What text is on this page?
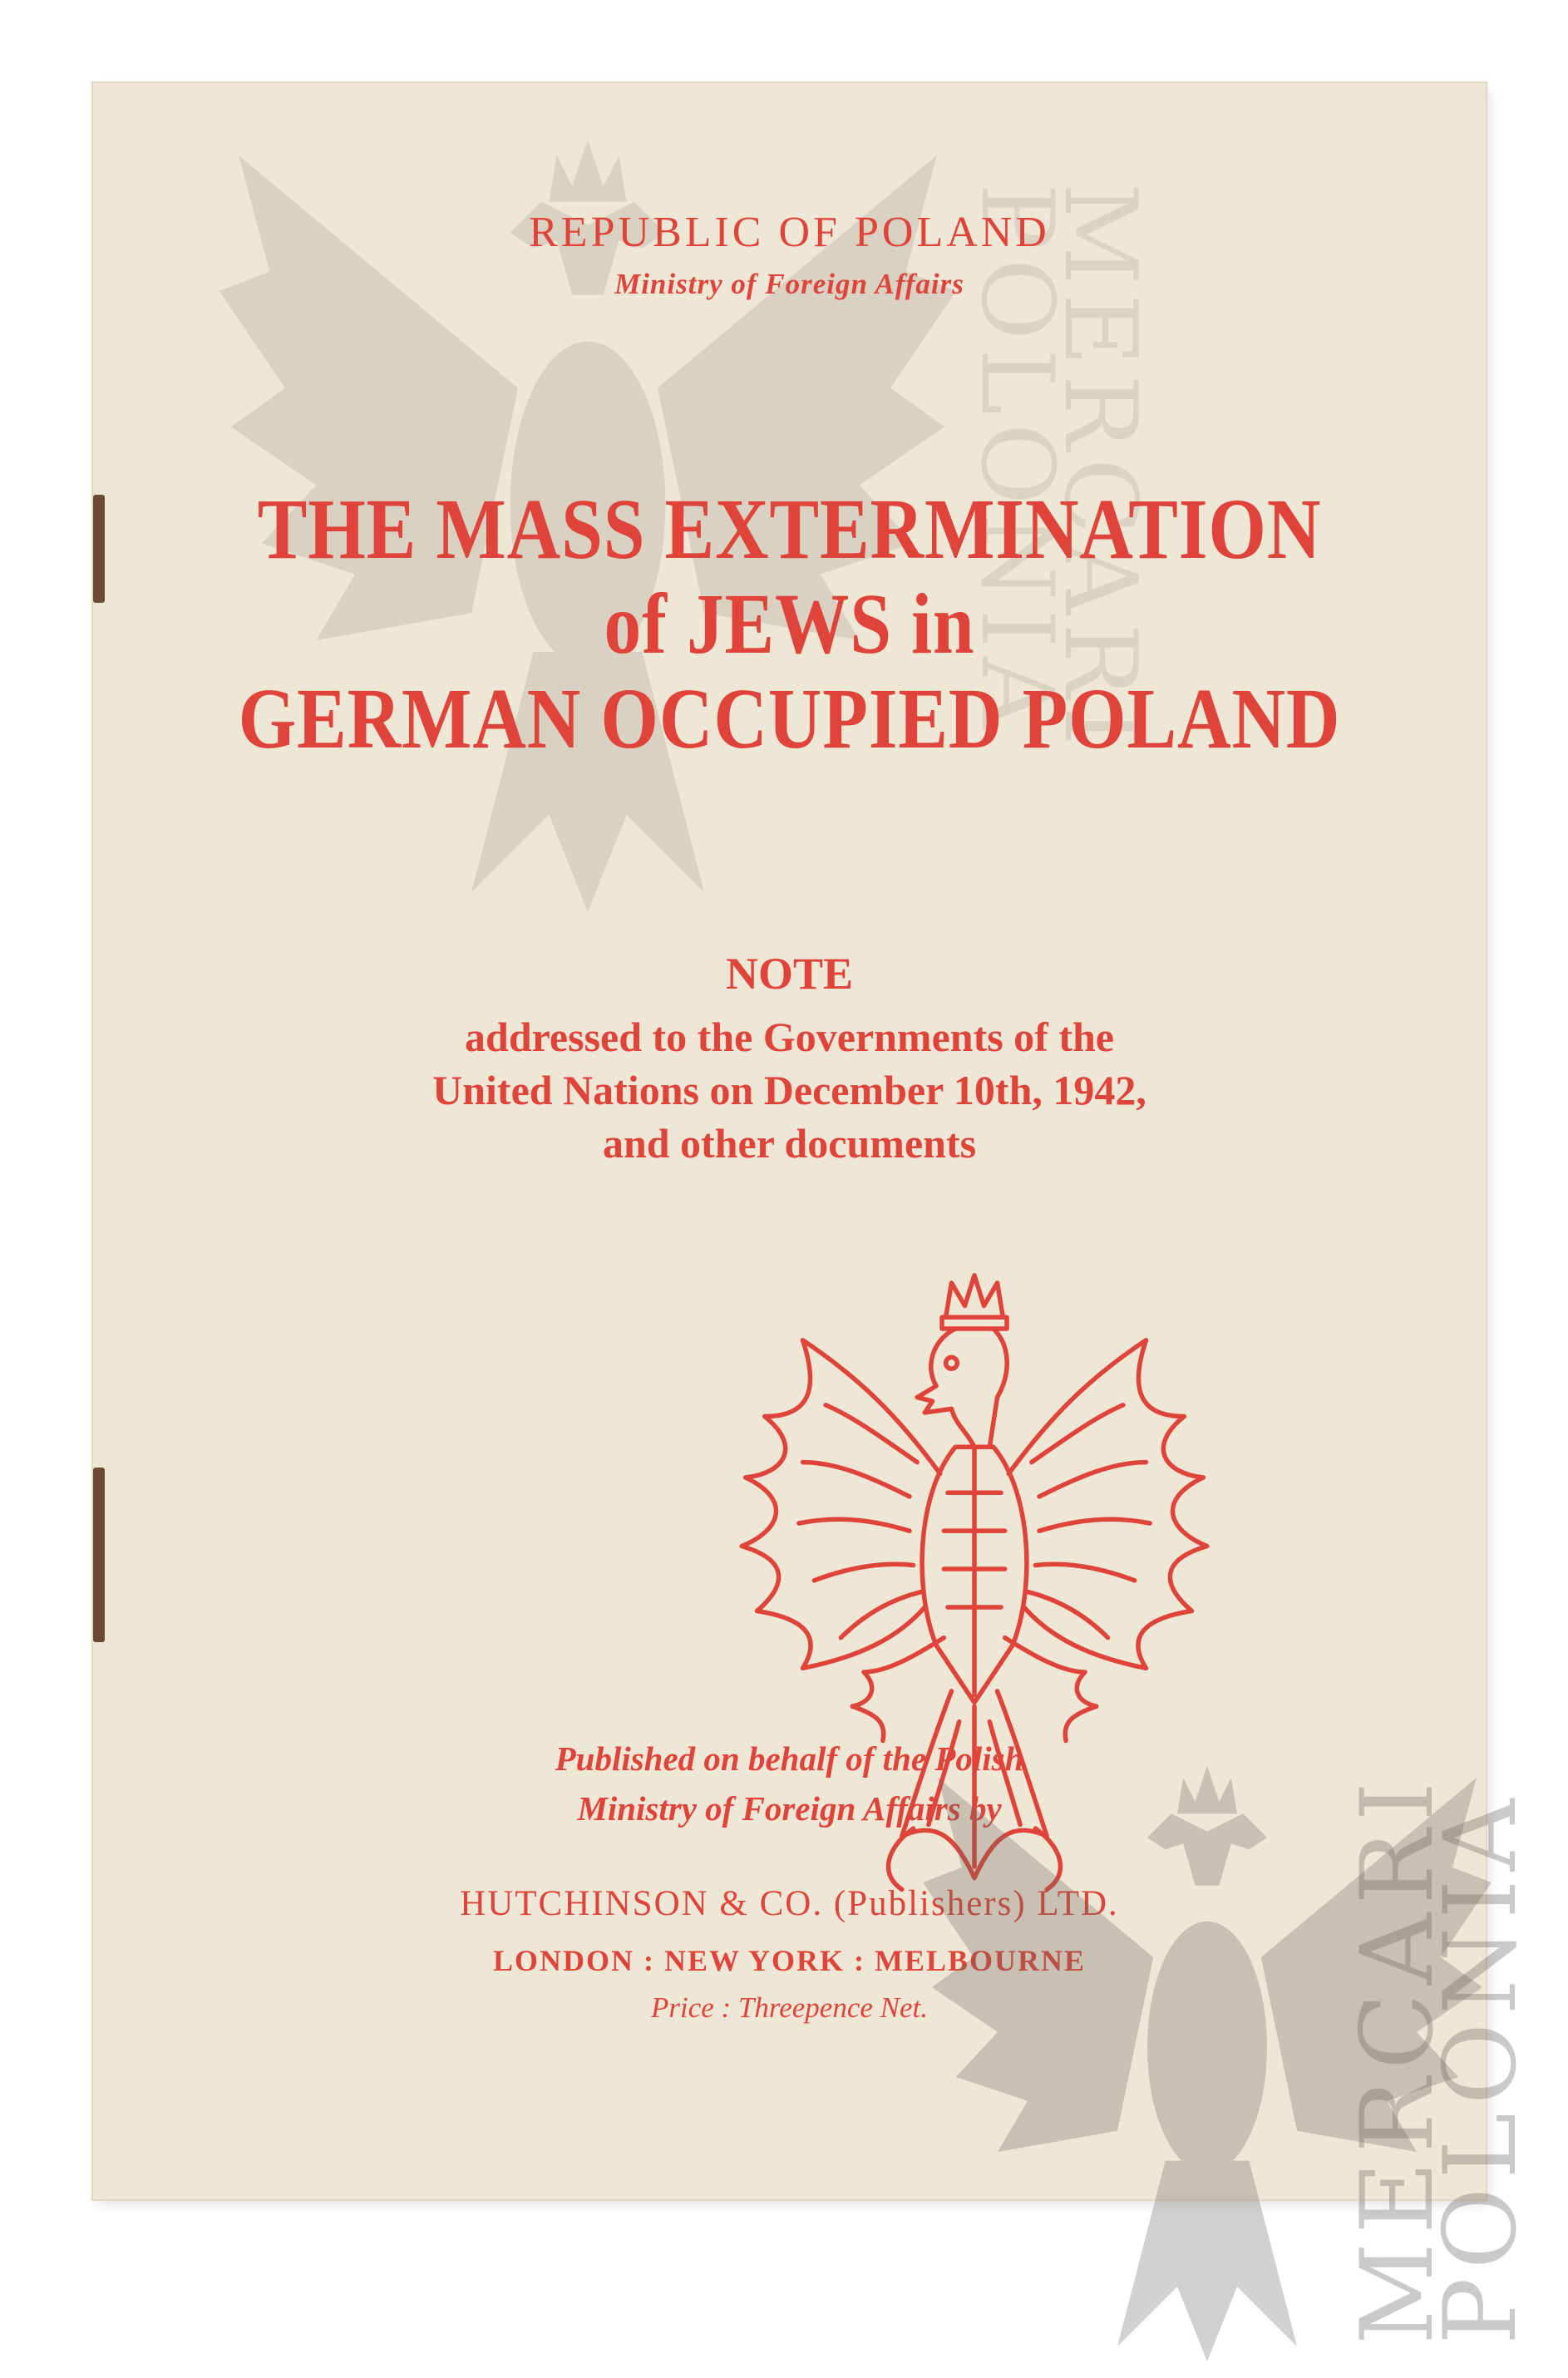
MERCARI
POLONIA
REPUBLIC OF POLAND
Ministry of Foreign Affairs
THE MASS EXTERMINATION
of JEWS in
GERMAN OCCUPIED POLAND
NOTE
addressed to the Governments of the
United Nations on December 10th, 1942,
and other documents
Published on behalf of the Polish
Ministry of Foreign Affairs by
HUTCHINSON & CO. (Publishers) LTD.
LONDON : NEW YORK : MELBOURNE
Price : Threepence Net.	MERCARI
POLONIA
